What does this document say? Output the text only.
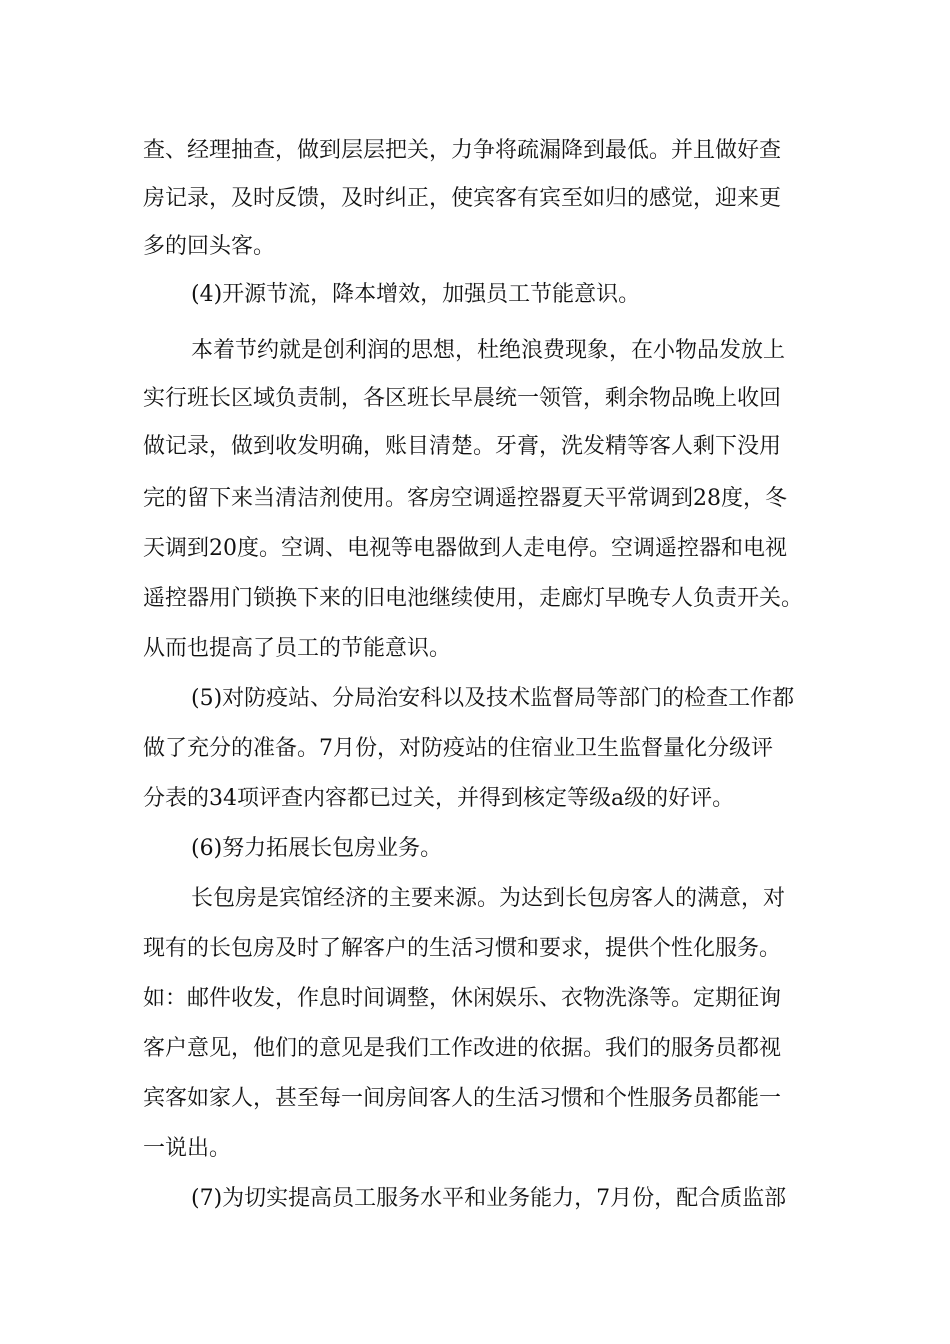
查、经理抽查，做到层层把关，力争将疏漏降到最低。并且做好查

房记录，及时反馈，及时纠正，使宾客有宾至如归的感觉，迎来更

多的回头客。

(4)开源节流，降本增效，加强员工节能意识。

本着节约就是创利润的思想，杜绝浪费现象，在小物品发放上

实行班长区域负责制，各区班长早晨统一领管，剩余物品晚上收回

做记录，做到收发明确，账目清楚。牙膏，洗发精等客人剩下没用

完的留下来当清洁剂使用。客房空调遥控器夏天平常调到28度，冬

天调到20度。空调、电视等电器做到人走电停。空调遥控器和电视

遥控器用门锁换下来的旧电池继续使用，走廊灯早晚专人负责开关。

从而也提高了员工的节能意识。

(5)对防疫站、分局治安科以及技术监督局等部门的检查工作都

做了充分的准备。7月份，对防疫站的住宿业卫生监督量化分级评

分表的34项评查内容都已过关，并得到核定等级a级的好评。

(6)努力拓展长包房业务。

长包房是宾馆经济的主要来源。为达到长包房客人的满意，对

现有的长包房及时了解客户的生活习惯和要求，提供个性化服务。

如：邮件收发，作息时间调整，休闲娱乐、衣物洗涤等。定期征询

客户意见，他们的意见是我们工作改进的依据。我们的服务员都视

宾客如家人，甚至每一间房间客人的生活习惯和个性服务员都能一

一说出。

(7)为切实提高员工服务水平和业务能力，7月份，配合质监部
